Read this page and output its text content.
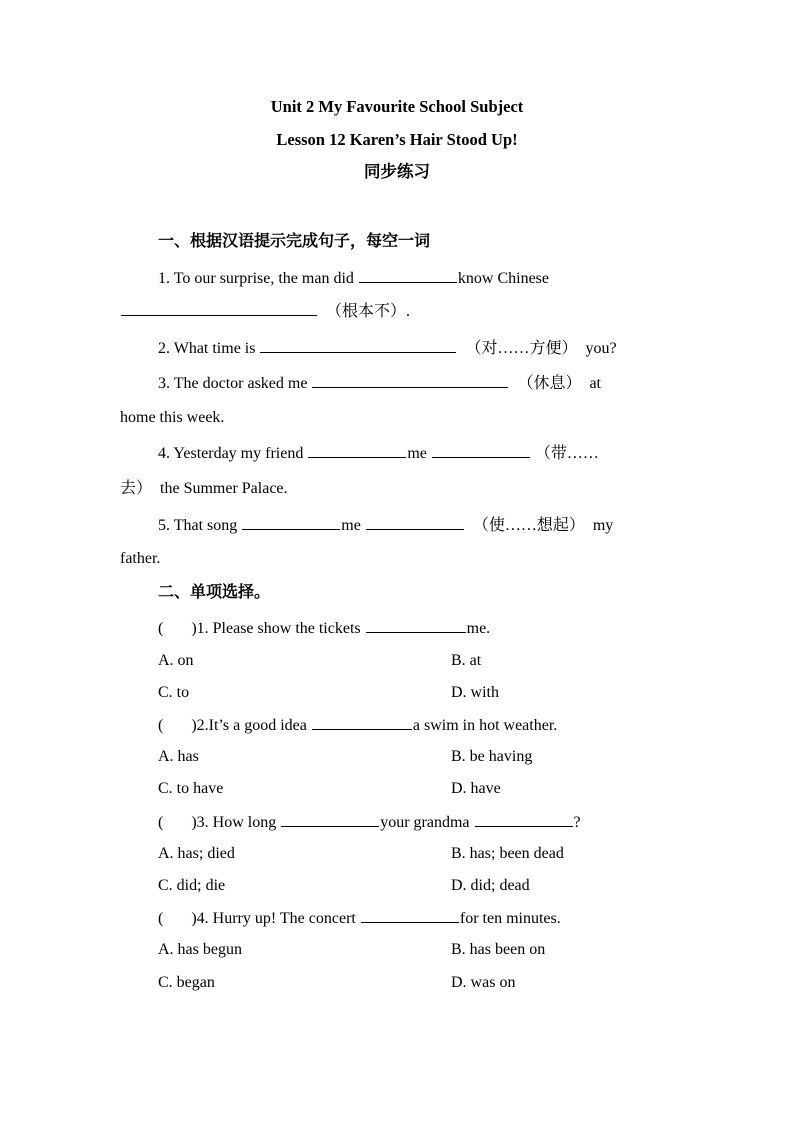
Unit 2 My Favourite School Subject
Lesson 12 Karen’s Hair Stood Up!
同步练习
一、根据汉语提示完成句子，每空一词
1. To our surprise, the man did	know Chinese
（根本不）.
2. What time is	（对……方便） you?
3. The doctor asked me	（休息） at
home this week.
4. Yesterday my friend	me	（带……
去） the Summer Palace.
5. That song	me	（使……想起） my
father.
二、单项选择。
( )1. Please show the tickets	me.
A. on	B. at
C. to	D. with
( )2.It’s a good idea	a swim in hot weather.
A. has	B. be having
C. to have	D. have
( )3. How long	your grandma	?
A. has; died	B. has; been dead
C. did; die	D. did; dead
( )4. Hurry up! The concert	for ten minutes.
A. has begun	B. has been on
C. began	D. was on
